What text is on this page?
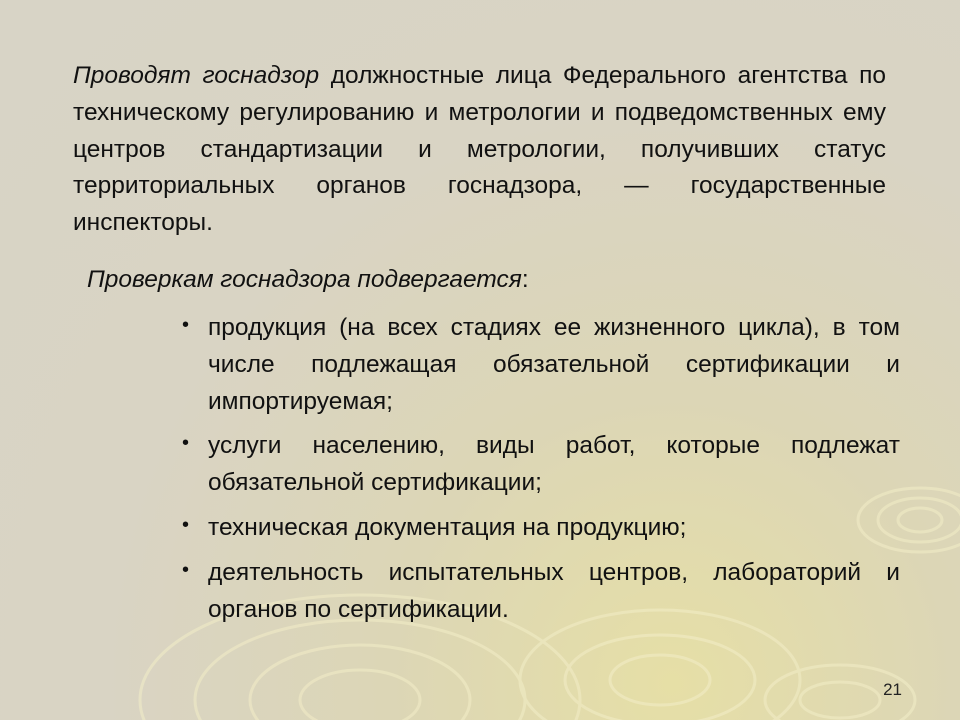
Проводят госнадзор должностные лица Федерального агентства по техническому регулированию и метрологии и подведомственных ему центров стандартизации и метрологии, получивших статус территориальных органов госнадзора, — государственные инспекторы.

Проверкам госнадзора подвергается:

• продукция (на всех стадиях ее жизненного цикла), в том числе подлежащая обязательной сертификации и импортируемая;
• услуги населению, виды работ, которые подлежат обязательной сертификации;
• техническая документация на продукцию;
• деятельность испытательных центров, лабораторий и органов по сертификации.
21
